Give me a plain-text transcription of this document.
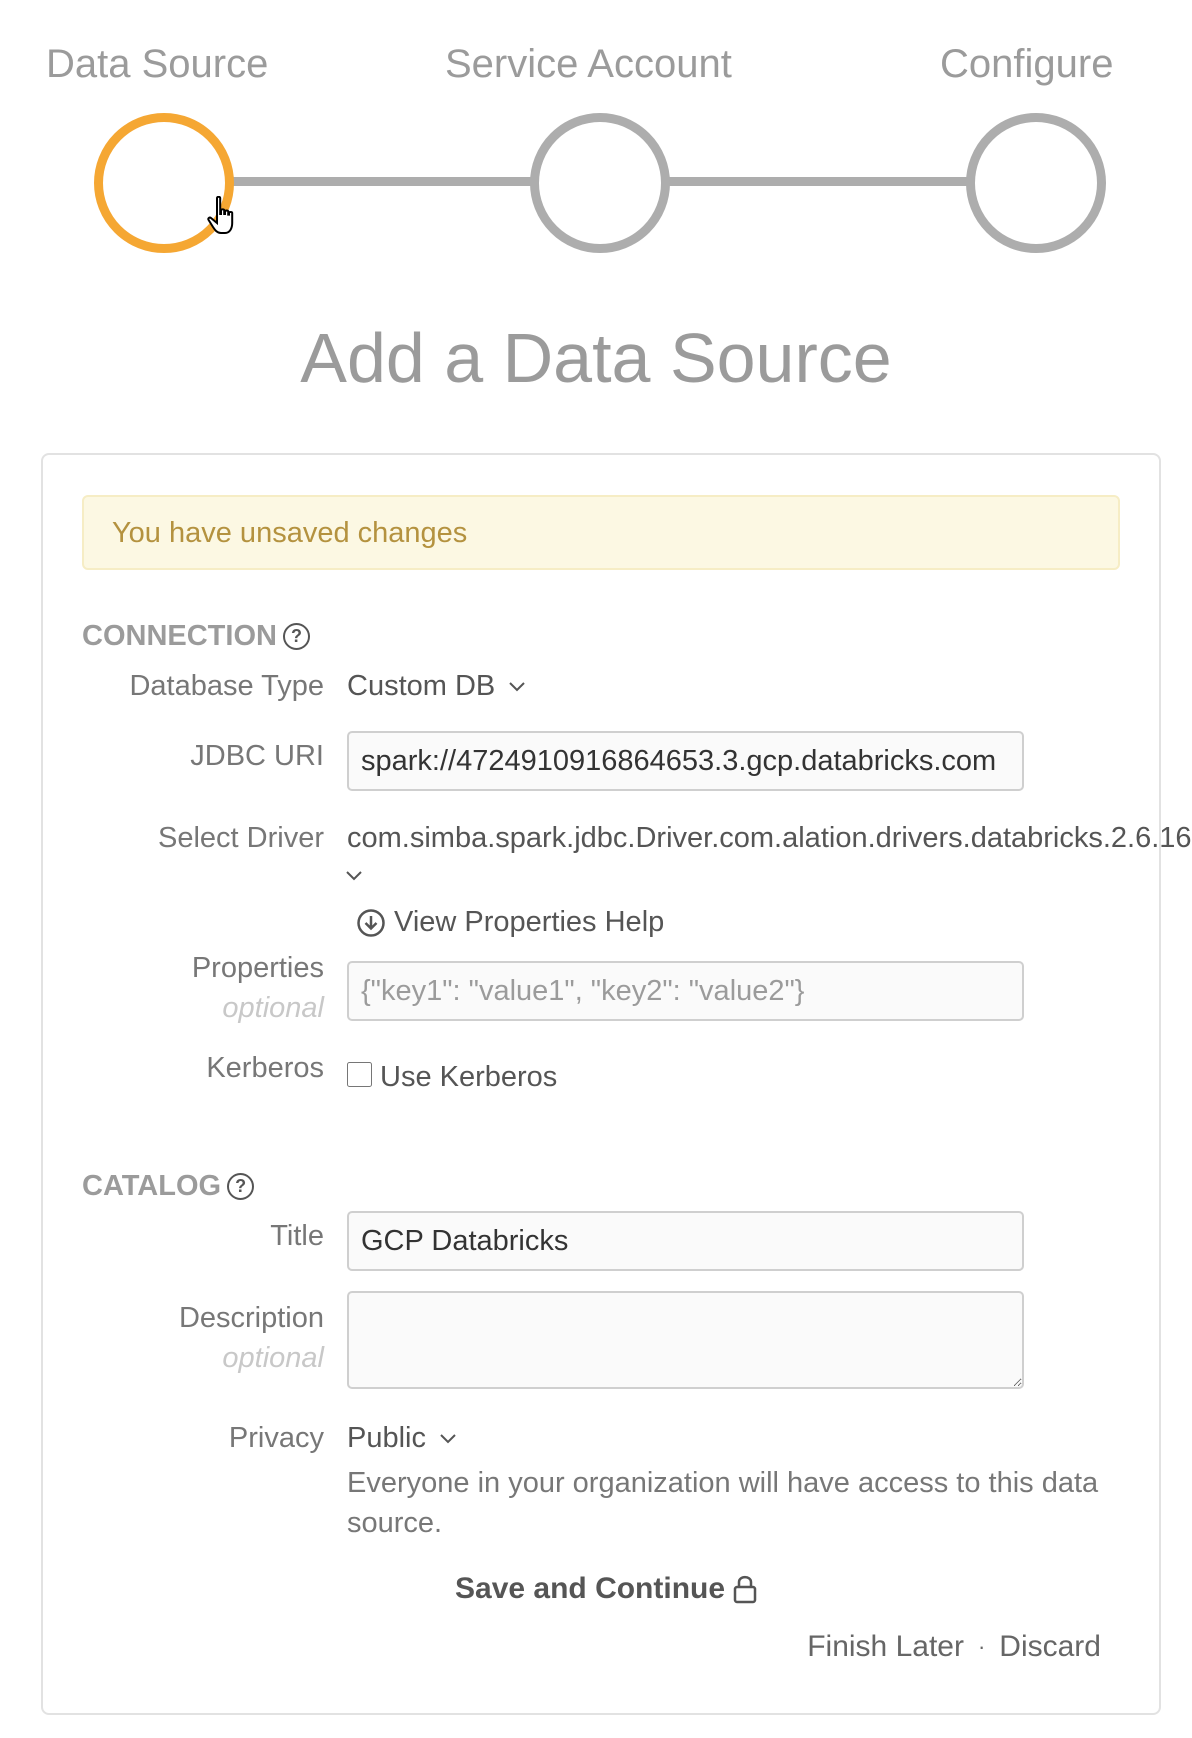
Data Source	Service Account	Configure
Add a Data Source
You have unsaved changes
CONNECTION ?
Database Type Custom DB
JDBC URI
spark://4724910916864653.3.gcp.databricks.com
Select Driver com.simba.spark.jdbc.Driver.com.alation.drivers.databricks.2.6.16
View Properties Help
Properties
optional
{"key1": "value1", "key2": "value2"}
Kerberos Use Kerberos
CATALOG ?
Title
GCP Databricks
Description
optional
Privacy Public
Everyone in your organization will have access to this data source.
Save and Continue
Finish Later · Discard
